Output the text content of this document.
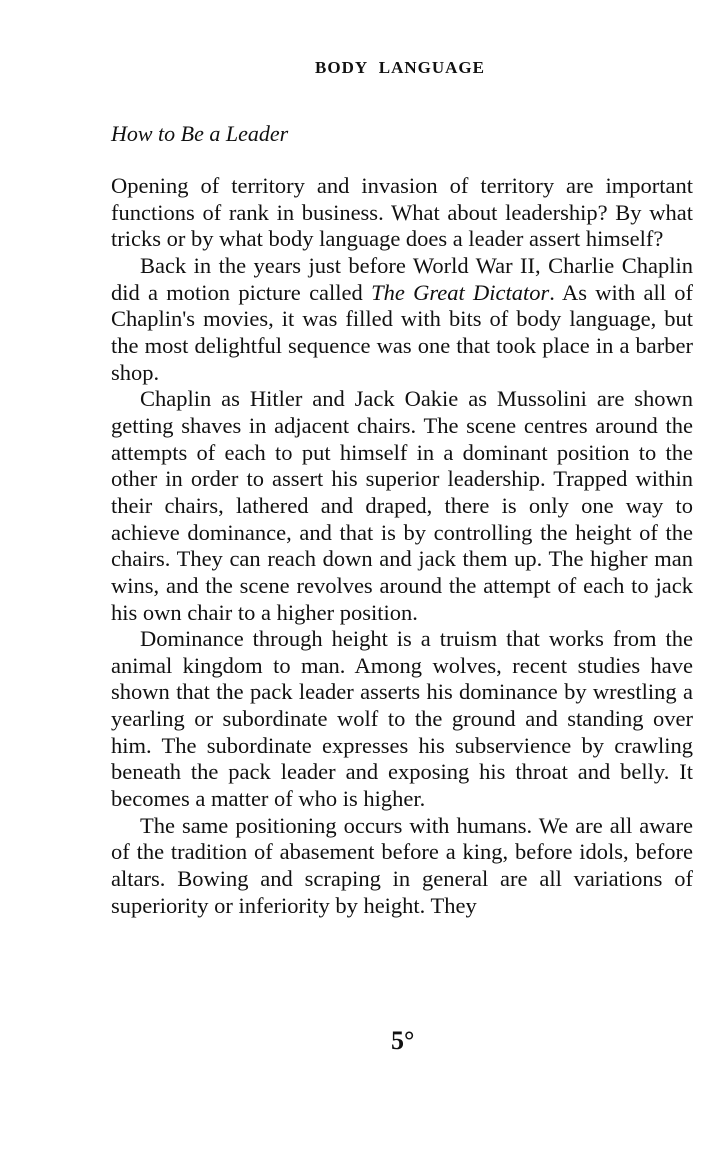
BODY LANGUAGE
How to Be a Leader

Opening of territory and invasion of territory are important functions of rank in business. What about leadership? By what tricks or by what body language does a leader assert himself?

Back in the years just before World War II, Charlie Chaplin did a motion picture called The Great Dictator. As with all of Chaplin's movies, it was filled with bits of body language, but the most delightful sequence was one that took place in a barber shop.

Chaplin as Hitler and Jack Oakie as Mussolini are shown getting shaves in adjacent chairs. The scene centres around the attempts of each to put himself in a dominant position to the other in order to assert his superior leadership. Trapped within their chairs, lathered and draped, there is only one way to achieve dominance, and that is by controlling the height of the chairs. They can reach down and jack them up. The higher man wins, and the scene revolves around the attempt of each to jack his own chair to a higher position.

Dominance through height is a truism that works from the animal kingdom to man. Among wolves, recent studies have shown that the pack leader asserts his dominance by wrestling a yearling or subordinate wolf to the ground and standing over him. The subordinate expresses his subservience by crawling beneath the pack leader and exposing his throat and belly. It becomes a matter of who is higher.

The same positioning occurs with humans. We are all aware of the tradition of abasement before a king, before idols, before altars. Bowing and scraping in general are all variations of superiority or inferiority by height. They

5°
